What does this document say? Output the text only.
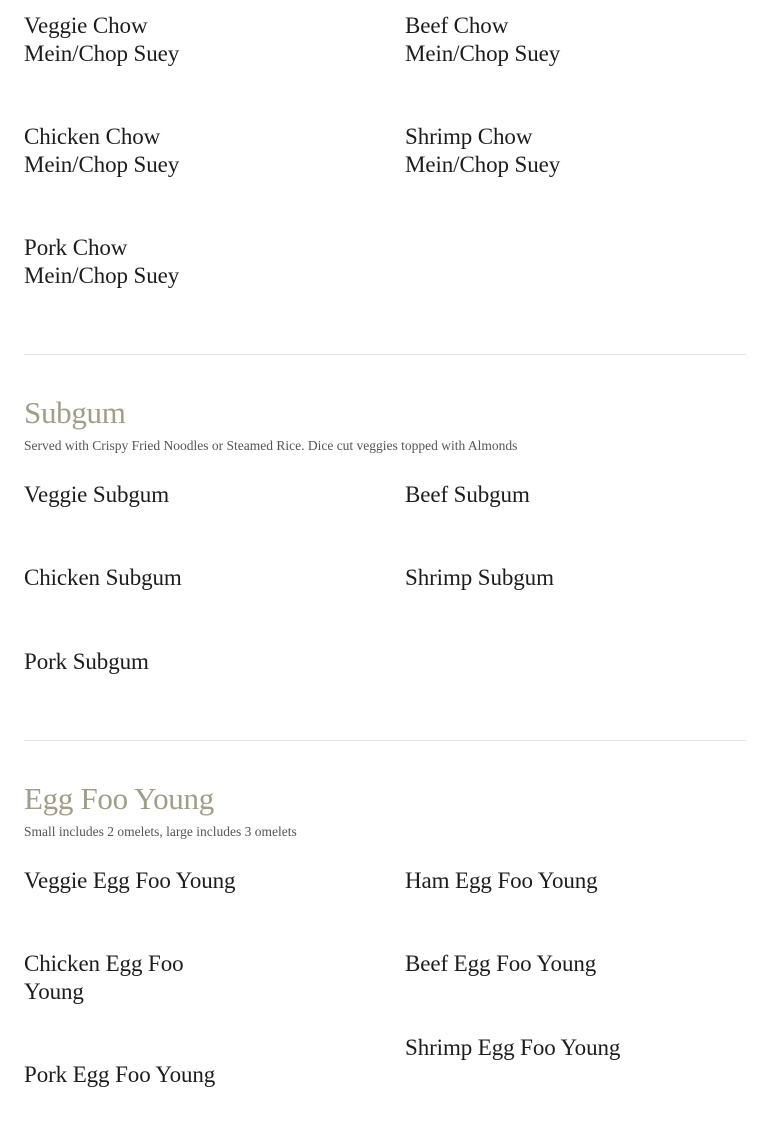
Veggie Chow Mein/Chop Suey
Beef Chow Mein/Chop Suey
Chicken Chow Mein/Chop Suey
Shrimp Chow Mein/Chop Suey
Pork Chow Mein/Chop Suey
Subgum
Served with Crispy Fried Noodles or Steamed Rice. Dice cut veggies topped with Almonds
Veggie Subgum	Beef Subgum
Chicken Subgum	Shrimp Subgum
Pork Subgum
Egg Foo Young
Small includes 2 omelets, large includes 3 omelets
Veggie Egg Foo Young	Ham Egg Foo Young
Chicken Egg Foo Young
Beef Egg Foo Young
Shrimp Egg Foo Young
Pork Egg Foo Young
